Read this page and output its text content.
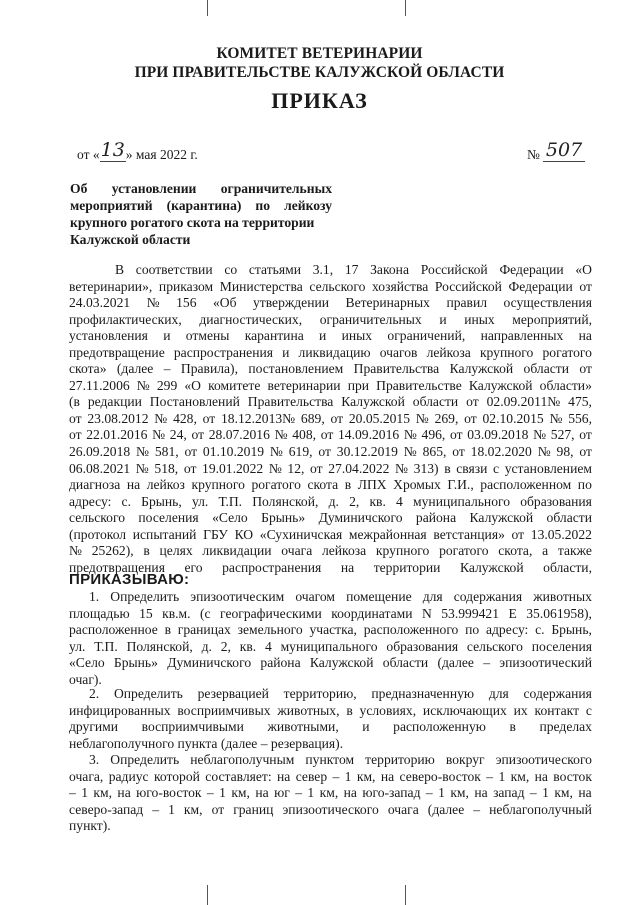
КОМИТЕТ ВЕТЕРИНАРИИ
ПРИ ПРАВИТЕЛЬСТВЕ КАЛУЖСКОЙ ОБЛАСТИ
ПРИКАЗ
от «13» мая 2022 г.	№ 507
Об установлении ограничительных
мероприятий (карантина) по лейкозу
крупного рогатого скота на территории
Калужской области
В соответствии со статьями 3.1, 17 Закона Российской Федерации «О
ветеринарии», приказом Министерства сельского хозяйства Российской Федерации от
24.03.2021 № 156 «Об утверждении Ветеринарных правил осуществления
профилактических, диагностических, ограничительных и иных мероприятий,
установления и отмены карантина и иных ограничений, направленных на
предотвращение распространения и ликвидацию очагов лейкоза крупного рогатого
скота» (далее – Правила), постановлением Правительства Калужской области от
27.11.2006 № 299 «О комитете ветеринарии при Правительстве Калужской области»
(в редакции Постановлений Правительства Калужской области от 02.09.2011№ 475,
от 23.08.2012 № 428, от 18.12.2013№ 689, от 20.05.2015 № 269, от 02.10.2015 № 556,
от 22.01.2016 № 24, от 28.07.2016 № 408, от 14.09.2016 № 496, от 03.09.2018 № 527, от
26.09.2018 № 581, от 01.10.2019 № 619, от 30.12.2019 № 865, от 18.02.2020 № 98, от
06.08.2021 № 518, от 19.01.2022 № 12, от 27.04.2022 № 313) в связи с установлением
диагноза на лейкоз крупного рогатого скота в ЛПХ Хромых Г.И., расположенном по
адресу: с. Брынь, ул. Т.П. Полянской, д. 2, кв. 4 муниципального образования
сельского поселения «Село Брынь» Думиничского района Калужской области
(протокол испытаний ГБУ КО «Сухиничская межрайонная ветстанция» от 13.05.2022
№ 25262), в целях ликвидации очага лейкоза крупного рогатого скота, а также
предотвращения его распространения на территории Калужской области,
ПРИКАЗЫВАЮ:
1. Определить эпизоотическим очагом помещение для содержания животных
площадью 15 кв.м. (с географическими координатами N 53.999421 E 35.061958),
расположенное в границах земельного участка, расположенного по адресу: с. Брынь,
ул. Т.П. Полянской, д. 2, кв. 4 муниципального образования сельского поселения
«Село Брынь» Думиничского района Калужской области (далее – эпизоотический
очаг).
2. Определить резервацией территорию, предназначенную для содержания
инфицированных восприимчивых животных, в условиях, исключающих их контакт с
другими восприимчивыми животными, и расположенную в пределах
неблагополучного пункта (далее – резервация).
3. Определить неблагополучным пунктом территорию вокруг эпизоотического
очага, радиус которой составляет: на север – 1 км, на северо-восток – 1 км, на восток
– 1 км, на юго-восток – 1 км, на юг – 1 км, на юго-запад – 1 км, на запад – 1 км, на
северо-запад – 1 км, от границ эпизоотического очага (далее – неблагополучный
пункт).
